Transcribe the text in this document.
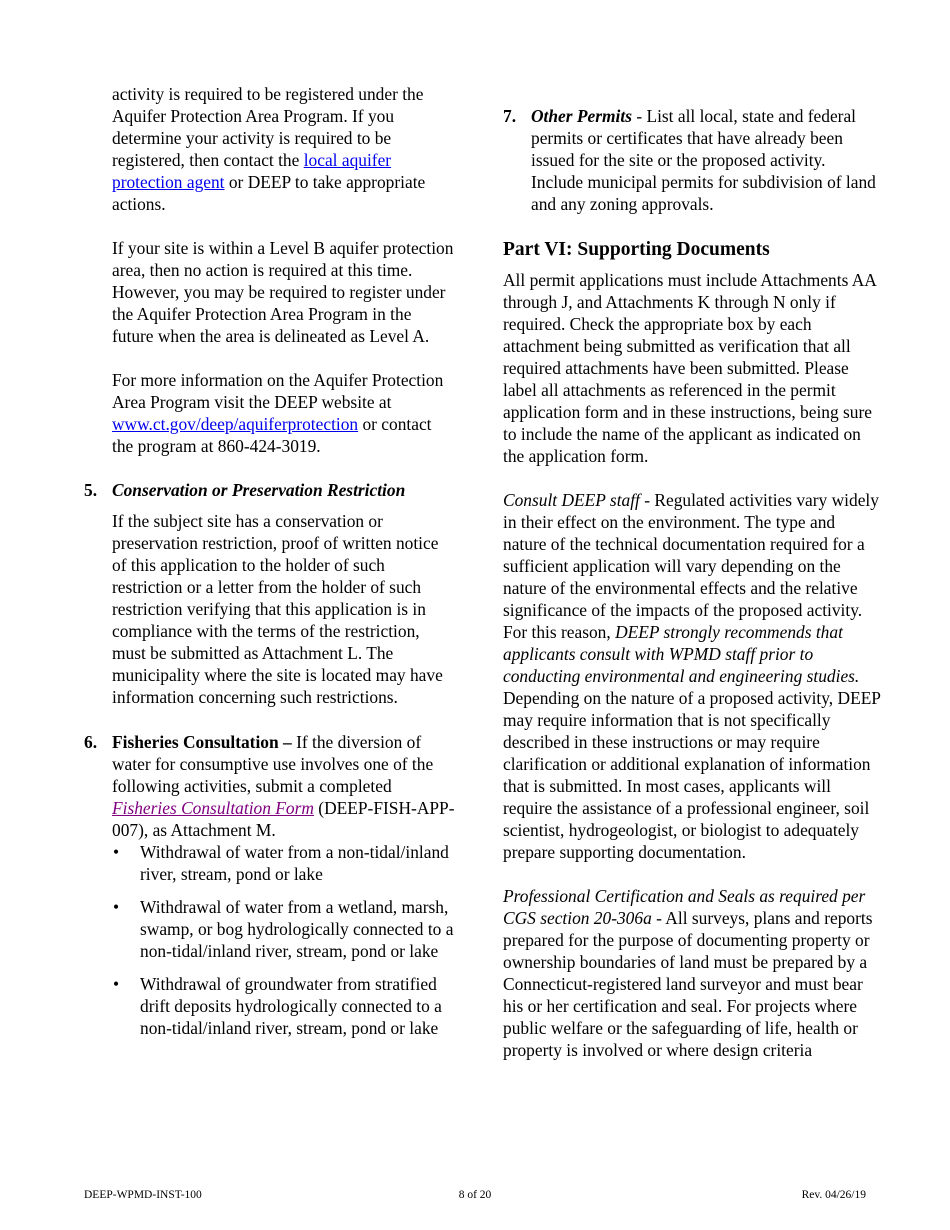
activity is required to be registered under the Aquifer Protection Area Program. If you determine your activity is required to be registered, then contact the local aquifer protection agent or DEEP to take appropriate actions.

If your site is within a Level B aquifer protection area, then no action is required at this time. However, you may be required to register under the Aquifer Protection Area Program in the future when the area is delineated as Level A.

For more information on the Aquifer Protection Area Program visit the DEEP website at
www.ct.gov/deep/aquiferprotection or contact the program at 860-424-3019.

5. Conservation or Preservation Restriction

If the subject site has a conservation or preservation restriction, proof of written notice of this application to the holder of such restriction or a letter from the holder of such restriction verifying that this application is in compliance with the terms of the restriction, must be submitted as Attachment L. The municipality where the site is located may have information concerning such restrictions.

6. Fisheries Consultation – If the diversion of water for consumptive use involves one of the following activities, submit a completed Fisheries Consultation Form (DEEP-FISH-APP-007), as Attachment M.
• Withdrawal of water from a non-tidal/inland river, stream, pond or lake
• Withdrawal of water from a wetland, marsh, swamp, or bog hydrologically connected to a non-tidal/inland river, stream, pond or lake
• Withdrawal of groundwater from stratified drift deposits hydrologically connected to a non-tidal/inland river, stream, pond or lake
7. Other Permits - List all local, state and federal permits or certificates that have already been issued for the site or the proposed activity. Include municipal permits for subdivision of land and any zoning approvals.
Part VI: Supporting Documents

All permit applications must include Attachments AA through J, and Attachments K through N only if required. Check the appropriate box by each attachment being submitted as verification that all required attachments have been submitted. Please label all attachments as referenced in the permit application form and in these instructions, being sure to include the name of the applicant as indicated on the application form.

Consult DEEP staff - Regulated activities vary widely in their effect on the environment. The type and nature of the technical documentation required for a sufficient application will vary depending on the nature of the environmental effects and the relative significance of the impacts of the proposed activity. For this reason, DEEP strongly recommends that applicants consult with WPMD staff prior to conducting environmental and engineering studies. Depending on the nature of a proposed activity, DEEP may require information that is not specifically described in these instructions or may require clarification or additional explanation of information that is submitted. In most cases, applicants will require the assistance of a professional engineer, soil scientist, hydrogeologist, or biologist to adequately prepare supporting documentation.

Professional Certification and Seals as required per CGS section 20-306a - All surveys, plans and reports prepared for the purpose of documenting property or ownership boundaries of land must be prepared by a Connecticut-registered land surveyor and must bear his or her certification and seal. For projects where public welfare or the safeguarding of life, health or property is involved or where design criteria

DEEP-WPMD-INST-100	8 of 20	Rev. 04/26/19
